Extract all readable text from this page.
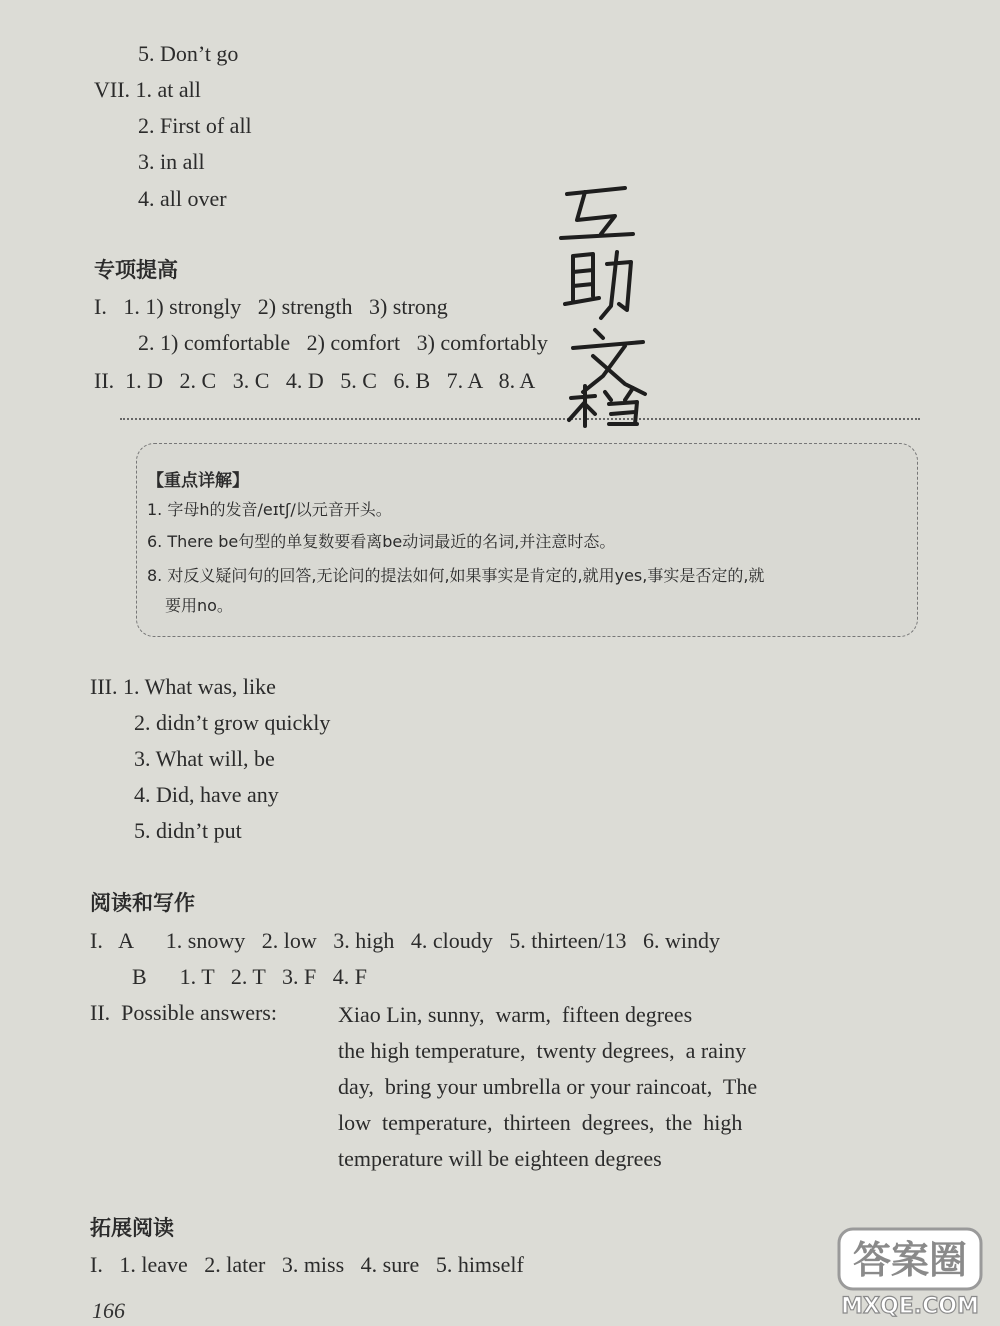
5. Don’t go
VII. 1. at all
2. First of all
3. in all
4. all over
专项提高
I.   1. 1) strongly   2) strength   3) strong
2. 1) comfortable   2) comfort   3) comfortably
II.  1. D   2. C   3. C   4. D   5. C   6. B   7. A   8. A
【重点详解】
1. 字母h的发音/eɪtʃ/以元音开头。
6. There be句型的单复数要看离be动词最近的名词,并注意时态。
8. 对反义疑问句的回答,无论问的提法如何,如果事实是肯定的,就用yes,事实是否定的,就
要用no。
III. 1. What was, like
2. didn’t grow quickly
3. What will, be
4. Did, have any
5. didn’t put
阅读和写作
I.   A      1. snowy   2. low   3. high   4. cloudy   5. thirteen/13   6. windy
B      1. T   2. T   3. F   4. F
II.  Possible answers:	Xiao Lin, sunny,  warm,  fifteen degrees
the high temperature,  twenty degrees,  a rainy
day,  bring your umbrella or your raincoat,  The
low  temperature,  thirteen  degrees,  the  high
temperature will be eighteen degrees
拓展阅读
I.   1. leave   2. later   3. miss   4. sure   5. himself
166
答案圈
MXQE.COM
